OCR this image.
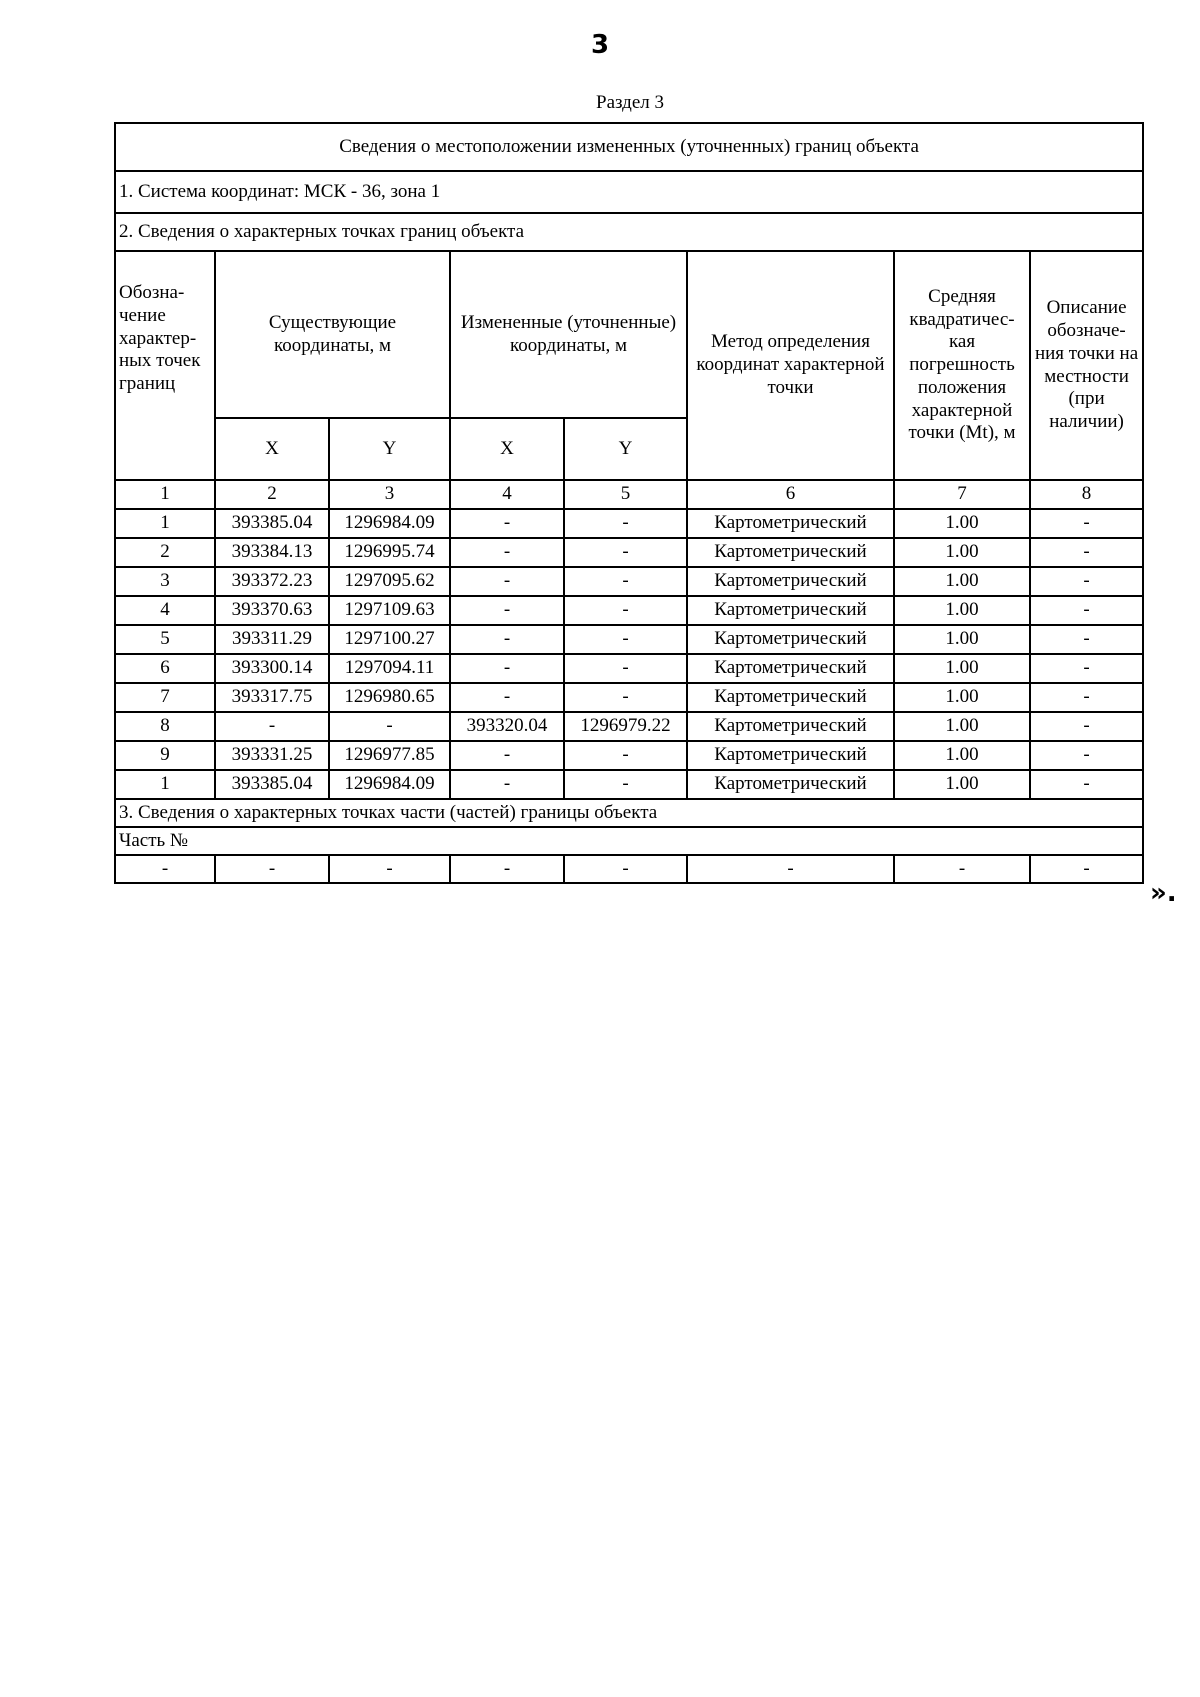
3
Раздел 3
Сведения о местоположении измененных (уточненных) границ объекта							
1. Система координат: МСК - 36, зона 1							
2. Сведения о характерных точках границ объекта							
Обозна-чение характер-ных точек границ	Существующие координаты, м		Измененные (уточненные) координаты, м		Метод определения координат характерной точки	Средняя квадратичес-кая погрешность положения характерной точки (Mt), м	Описание обозначе-ния точки на местности (при наличии)
	X	Y	X	Y			
1	2	3	4	5	6	7	8
1	393385.04	1296984.09	-	-	Картометрический	1.00	-
2	393384.13	1296995.74	-	-	Картометрический	1.00	-
3	393372.23	1297095.62	-	-	Картометрический	1.00	-
4	393370.63	1297109.63	-	-	Картометрический	1.00	-
5	393311.29	1297100.27	-	-	Картометрический	1.00	-
6	393300.14	1297094.11	-	-	Картометрический	1.00	-
7	393317.75	1296980.65	-	-	Картометрический	1.00	-
8	-	-	393320.04	1296979.22	Картометрический	1.00	-
9	393331.25	1296977.85	-	-	Картометрический	1.00	-
1	393385.04	1296984.09	-	-	Картометрический	1.00	-
3. Сведения о характерных точках части (частей) границы объекта							
Часть №							
-	-	-	-	-	-	-	-
».
